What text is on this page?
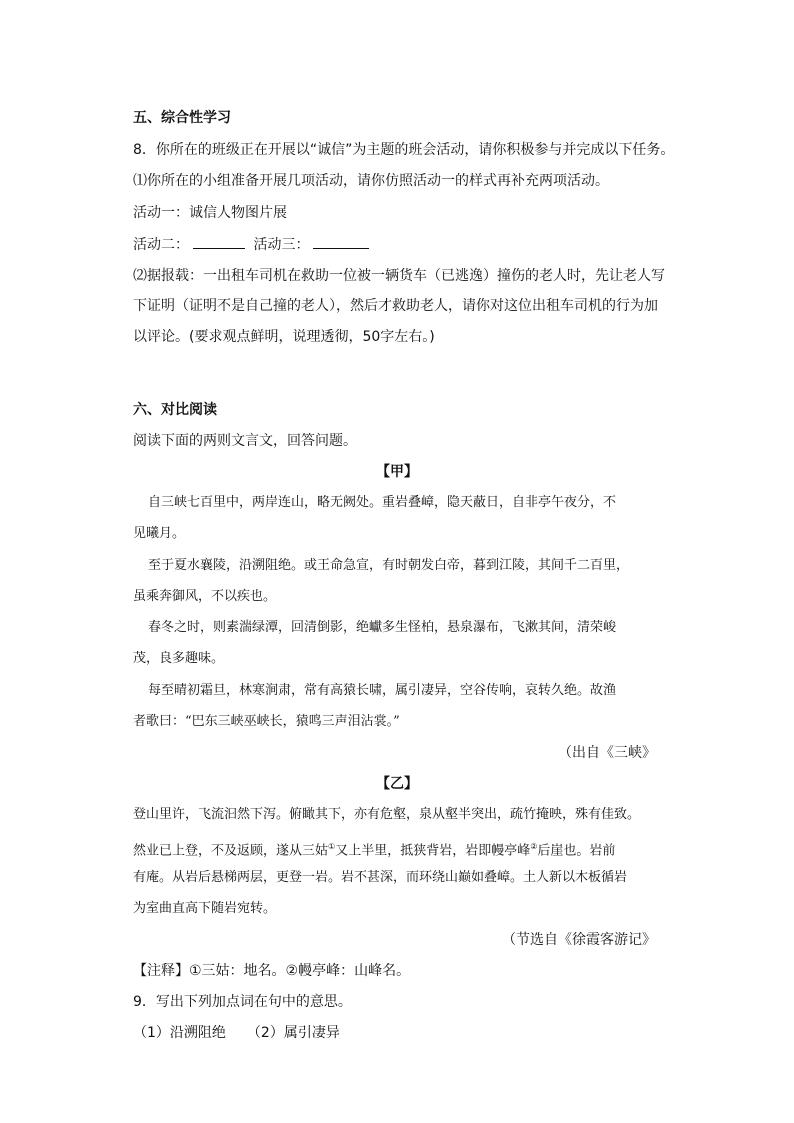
五、综合性学习
8．你所在的班级正在开展以“诚信”为主题的班会活动，请你积极参与并完成以下任务。
⑴你所在的小组准备开展几项活动，请你仿照活动一的样式再补充两项活动。
活动一：诚信人物图片展
活动二：	活动三：
⑵据报载：一出租车司机在救助一位被一辆货车（已逃逸）撞伤的老人时，先让老人写
下证明（证明不是自己撞的老人），然后才救助老人，请你对这位出租车司机的行为加
以评论。(要求观点鲜明，说理透彻，50字左右。)
六、对比阅读
阅读下面的两则文言文，回答问题。
【甲】
自三峡七百里中，两岸连山，略无阙处。重岩叠嶂，隐天蔽日，自非亭午夜分，不
见曦月。
至于夏水襄陵，沿溯阻绝。或王命急宣，有时朝发白帝，暮到江陵，其间千二百里，
虽乘奔御风，不以疾也。
春冬之时，则素湍绿潭，回清倒影，绝巘多生怪柏，悬泉瀑布，飞漱其间，清荣峻
茂，良多趣味。
每至晴初霜旦，林寒涧肃，常有高猿长啸，属引凄异，空谷传响，哀转久绝。故渔
者歌曰：“巴东三峡巫峡长，猿鸣三声泪沾裳。”
（出自《三峡》
【乙】
登山里许，飞流汩然下泻。俯瞰其下，亦有危壑，泉从壑半突出，疏竹掩映，殊有佳致。
然业已上登，不及返顾，遂从三姑①又上半里，抵狭背岩，岩即幔亭峰②后崖也。岩前
有庵。从岩后悬梯两层，更登一岩。岩不甚深，而环绕山巅如叠嶂。土人新以木板循岩
为室曲直高下随岩宛转。
（节选自《徐霞客游记》
【注释】①三姑：地名。②幔亭峰：山峰名。
9．写出下列加点词在句中的意思。
（1）沿溯阻绝　　（2）属引凄异
